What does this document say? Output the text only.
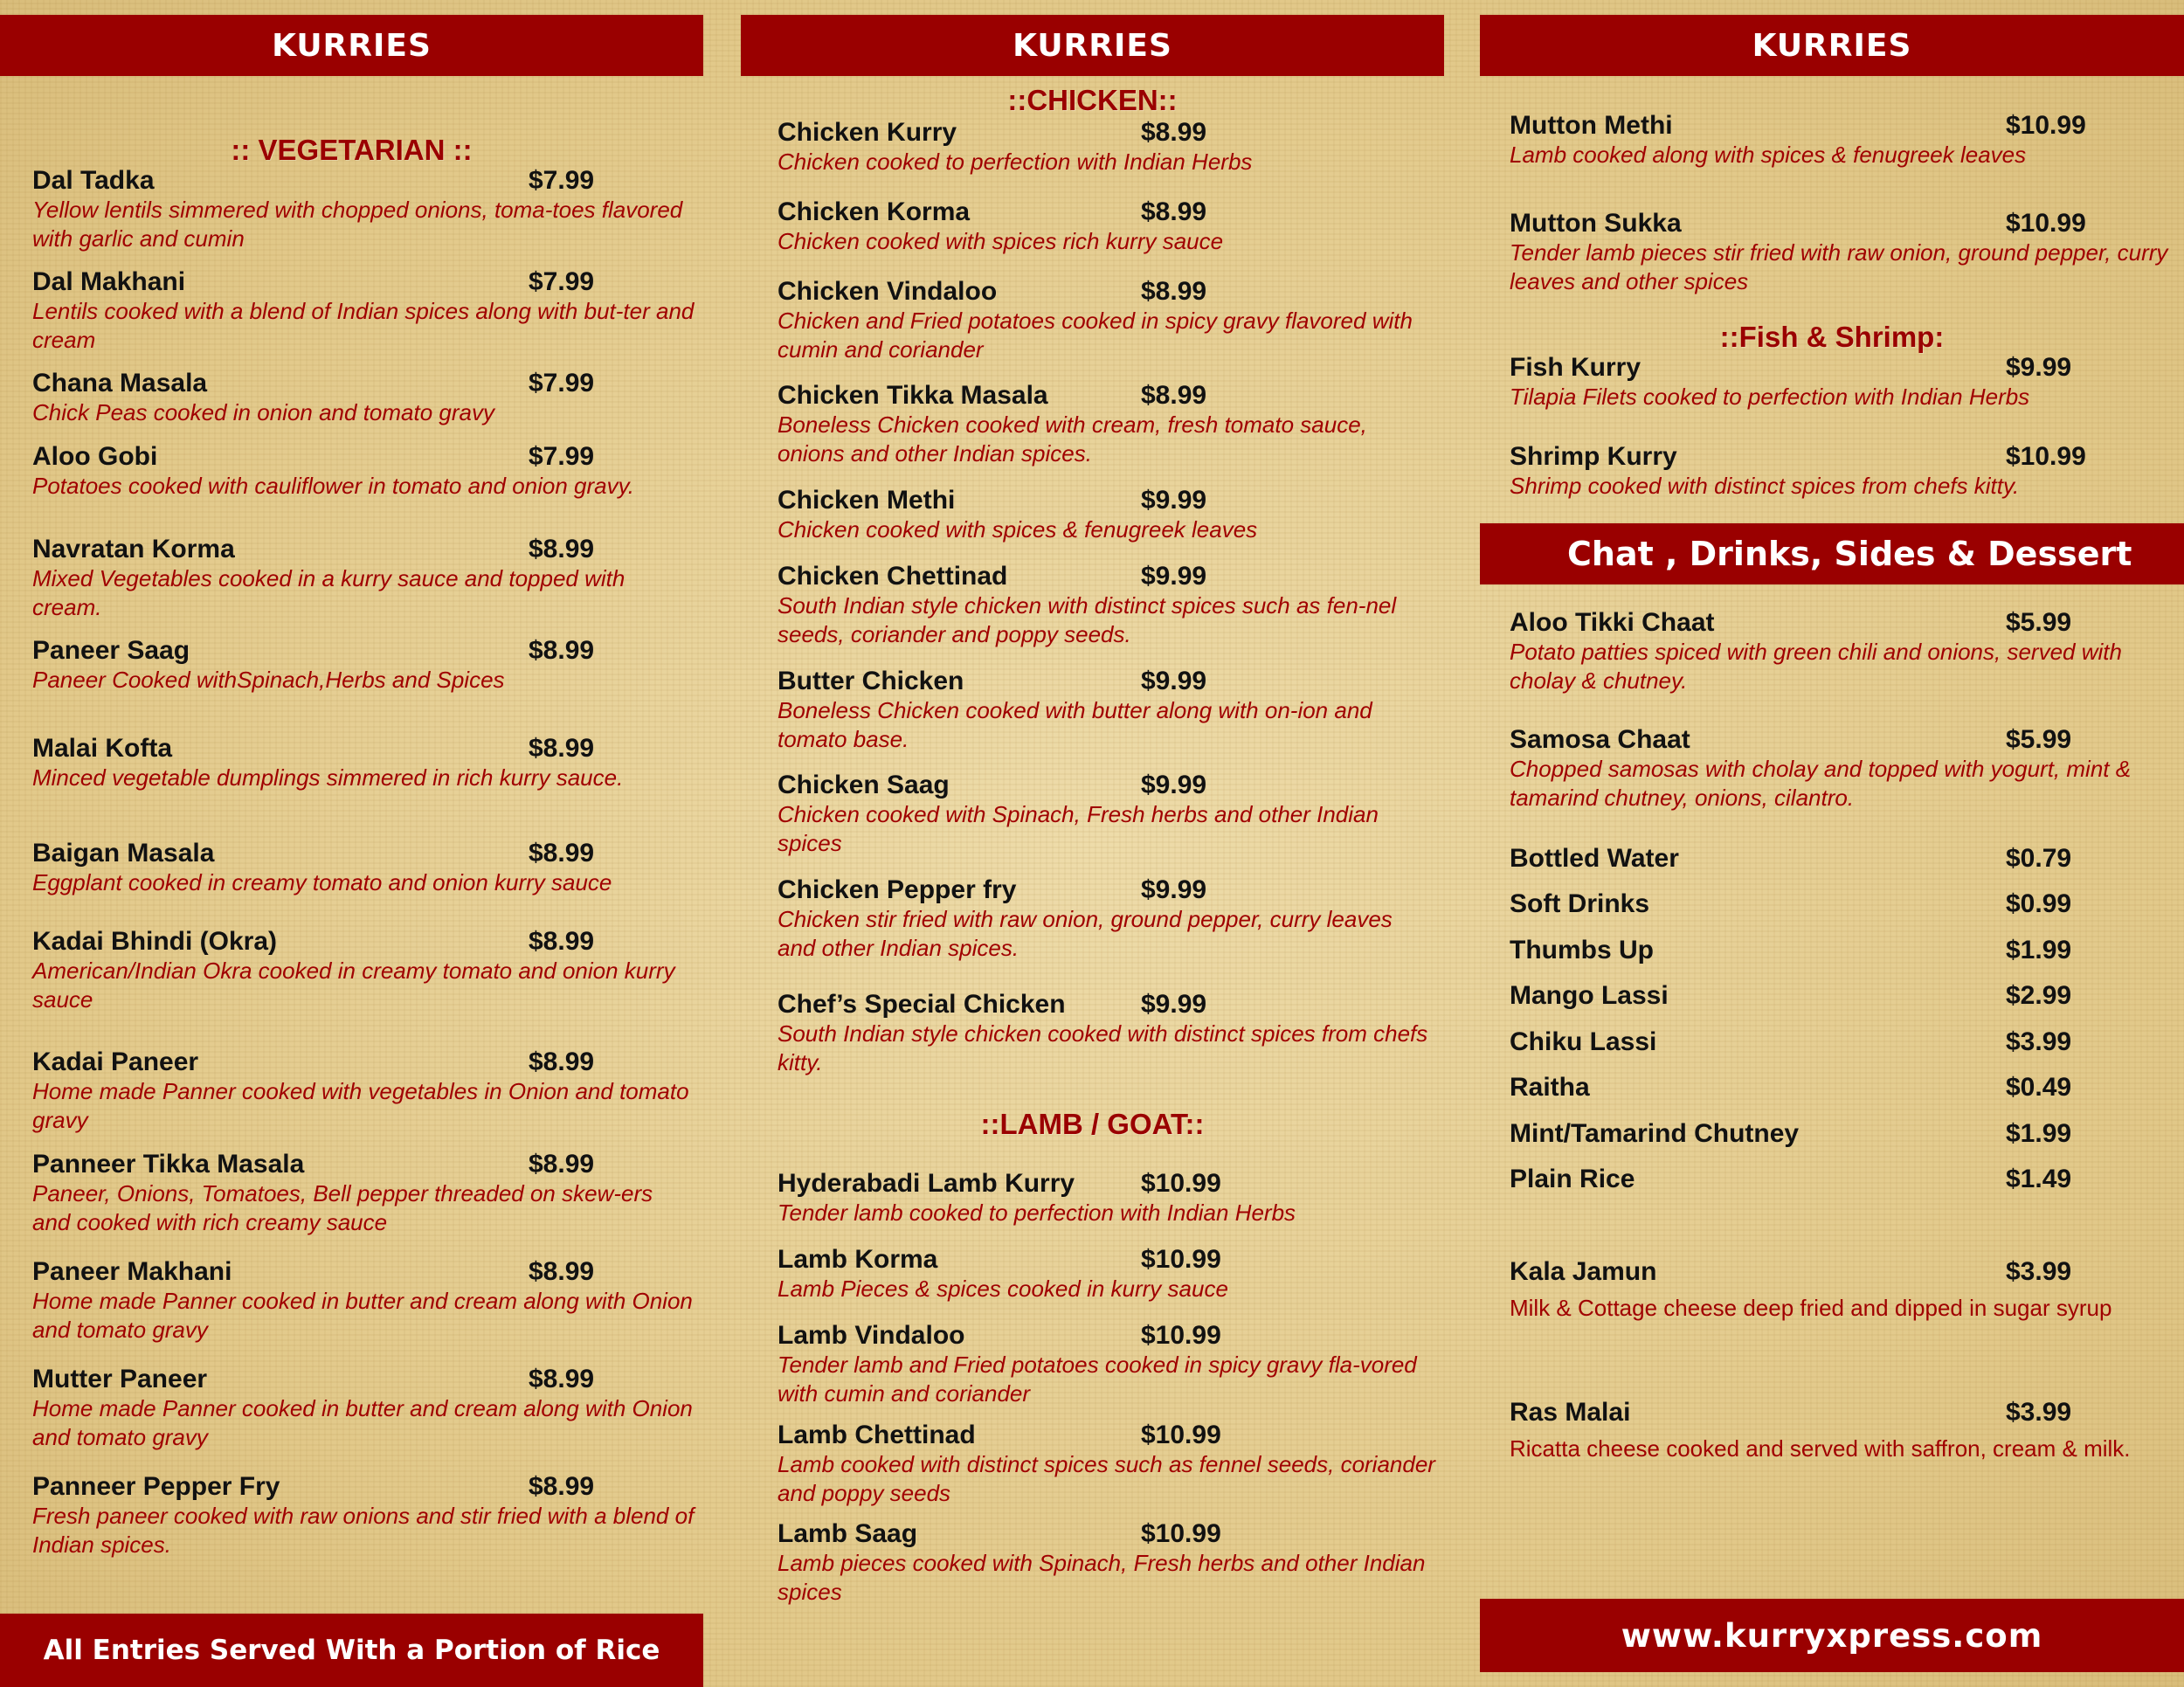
KURRIES
:: VEGETARIAN ::
Dal Tadka	$7.99
Yellow lentils simmered with chopped onions, toma-toes flavored with garlic and cumin
Dal Makhani	$7.99
Lentils cooked with a blend of Indian spices along with but-ter and cream
Chana Masala	$7.99
Chick Peas cooked in onion and tomato gravy
Aloo Gobi	$7.99
Potatoes cooked with cauliflower in tomato and onion gravy.
Navratan Korma	$8.99
Mixed Vegetables cooked in a kurry sauce and topped with cream.
Paneer Saag	$8.99
Paneer Cooked withSpinach,Herbs and Spices
Malai Kofta	$8.99
Minced vegetable dumplings simmered in rich kurry sauce.
Baigan Masala	$8.99
Eggplant cooked in creamy tomato and onion kurry sauce
Kadai Bhindi (Okra)	$8.99
American/Indian Okra cooked in creamy tomato and onion kurry sauce
Kadai Paneer	$8.99
Home made Panner cooked with vegetables in Onion and tomato gravy
Panneer Tikka Masala	$8.99
Paneer, Onions, Tomatoes, Bell pepper threaded on skew-ers and cooked with rich creamy sauce
Paneer Makhani	$8.99
Home made Panner cooked in butter and cream along with Onion and tomato gravy
Mutter Paneer	$8.99
Home made Panner cooked in butter and cream along with Onion and tomato gravy
Panneer Pepper Fry	$8.99
Fresh paneer cooked with raw onions and stir fried with a blend of Indian spices.
All Entries Served With a Portion of Rice
KURRIES
::CHICKEN::
Chicken Kurry	$8.99
Chicken cooked to perfection with Indian Herbs
Chicken Korma	$8.99
Chicken cooked with spices rich kurry sauce
Chicken Vindaloo	$8.99
Chicken and Fried potatoes cooked in spicy gravy flavored with cumin and coriander
Chicken Tikka Masala	$8.99
Boneless Chicken cooked with cream, fresh tomato sauce, onions and other Indian spices.
Chicken Methi	$9.99
Chicken cooked with spices & fenugreek leaves
Chicken Chettinad	$9.99
South Indian style chicken with distinct spices such as fen-nel seeds, coriander and poppy seeds.
Butter Chicken	$9.99
Boneless Chicken cooked with butter along with on-ion and tomato base.
Chicken Saag	$9.99
Chicken cooked with Spinach, Fresh herbs and other Indian spices
Chicken Pepper fry	$9.99
Chicken stir fried with raw onion, ground pepper, curry leaves and other Indian spices.
Chef’s Special Chicken	$9.99
South Indian style chicken cooked with distinct spices from chefs kitty.
::LAMB / GOAT::
Hyderabadi Lamb Kurry	$10.99
Tender lamb cooked to perfection with Indian Herbs
Lamb Korma	$10.99
Lamb Pieces & spices cooked in kurry sauce
Lamb Vindaloo	$10.99
Tender lamb and Fried potatoes cooked in spicy gravy fla-vored with cumin and coriander
Lamb Chettinad	$10.99
Lamb cooked with distinct spices such as fennel seeds, coriander and poppy seeds
Lamb Saag	$10.99
Lamb pieces cooked with Spinach, Fresh herbs and other Indian spices
KURRIES
Mutton Methi	$10.99
Lamb cooked along with spices & fenugreek leaves
Mutton Sukka	$10.99
Tender lamb pieces stir fried with raw onion, ground pepper, curry leaves and other spices
::Fish & Shrimp:
Fish Kurry	$9.99
Tilapia Filets cooked to perfection with Indian Herbs
Shrimp Kurry	$10.99
Shrimp cooked with distinct spices from chefs kitty.
Chat , Drinks, Sides & Dessert
Aloo Tikki Chaat	$5.99
Potato patties spiced with green chili and onions, served with cholay & chutney.
Samosa Chaat	$5.99
Chopped samosas with cholay and topped with yogurt, mint & tamarind chutney, onions, cilantro.
Bottled Water	$0.79
Soft Drinks	$0.99
Thumbs Up	$1.99
Mango Lassi	$2.99
Chiku Lassi	$3.99
Raitha	$0.49
Mint/Tamarind Chutney	$1.99
Plain Rice	$1.49
Kala Jamun	$3.99
Milk & Cottage cheese deep fried and dipped in sugar syrup
Ras Malai	$3.99
Ricatta cheese cooked and served with saffron, cream & milk.
www.kurryxpress.com
